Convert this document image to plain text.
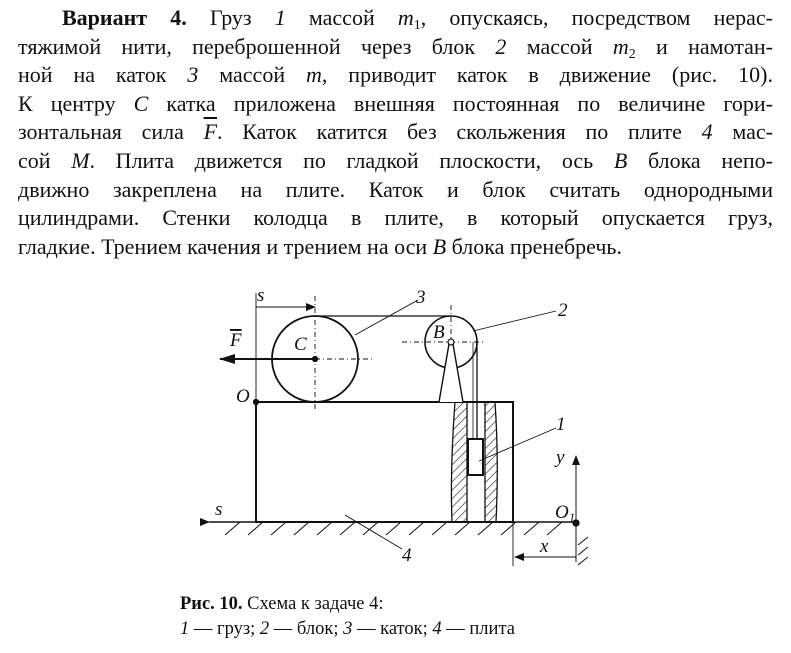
Вариант 4. Груз 1 массой $m_1$, опускаясь, посредством нерас-
тяжимой нити, переброшенной через блок 2 массой $m_2$ и намотан-
ной на каток 3 массой m, приводит каток в движение (рис. 10).
К центру C катка приложена внешняя постоянная по величине гори-
зонтальная сила $\overline{F}$. Каток катится без скольжения по плите 4 мас-
сой M. Плита движется по гладкой плоскости, ось B блока непо-
движно закреплена на плите. Каток и блок считать однородными
цилиндрами. Стенки колодца в плите, в который опускается груз,
гладкие. Трением качения и трением на оси B блока пренебречь.
s	3
2
B
C
F
O
1
y
$O_1$
s
4	x
Рис. 10. Схема к задаче 4:
1 — груз; 2 — блок; 3 — каток; 4 — плита
